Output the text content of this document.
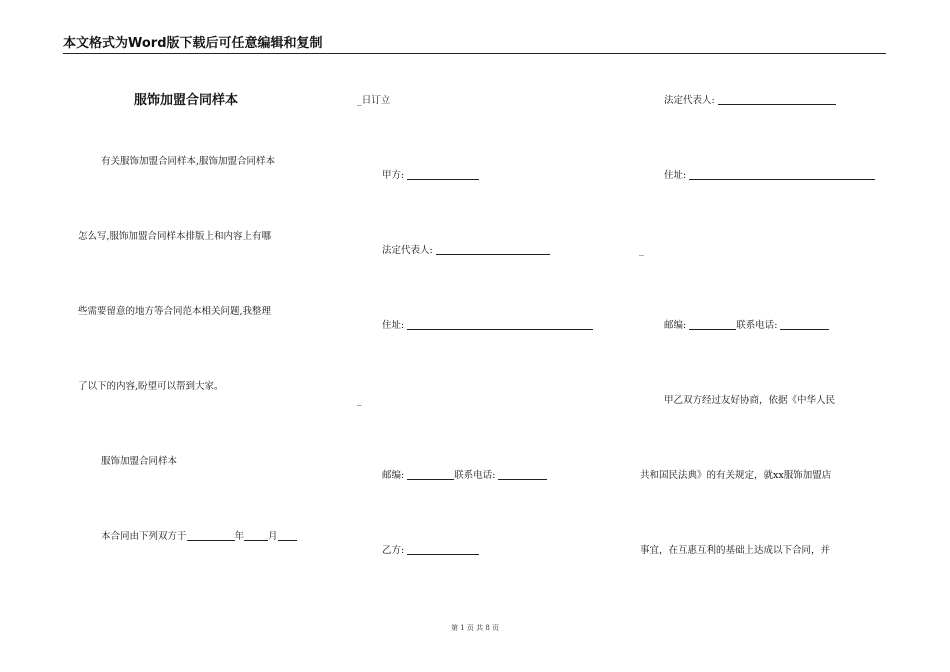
本文格式为Word版下载后可任意编辑和复制
服饰加盟合同样本
有关服饰加盟合同样本,服饰加盟合同样本
怎么写,服饰加盟合同样本排版上和内容上有哪
些需要留意的地方等合同范本相关问题,我整理
了以下的内容,盼望可以帮到大家。
服饰加盟合同样本
本合同由下列双方于	年	月
_日订立
甲方:
法定代表人:
住址:
_
邮编:	联系电话:
乙方:
法定代表人:
住址:
_
邮编:	联系电话:
甲乙双方经过友好协商，依据《中华人民
共和国民法典》的有关规定，就xx服饰加盟店
事宜，在互惠互利的基础上达成以下合同，并
第 1 页 共 8 页
